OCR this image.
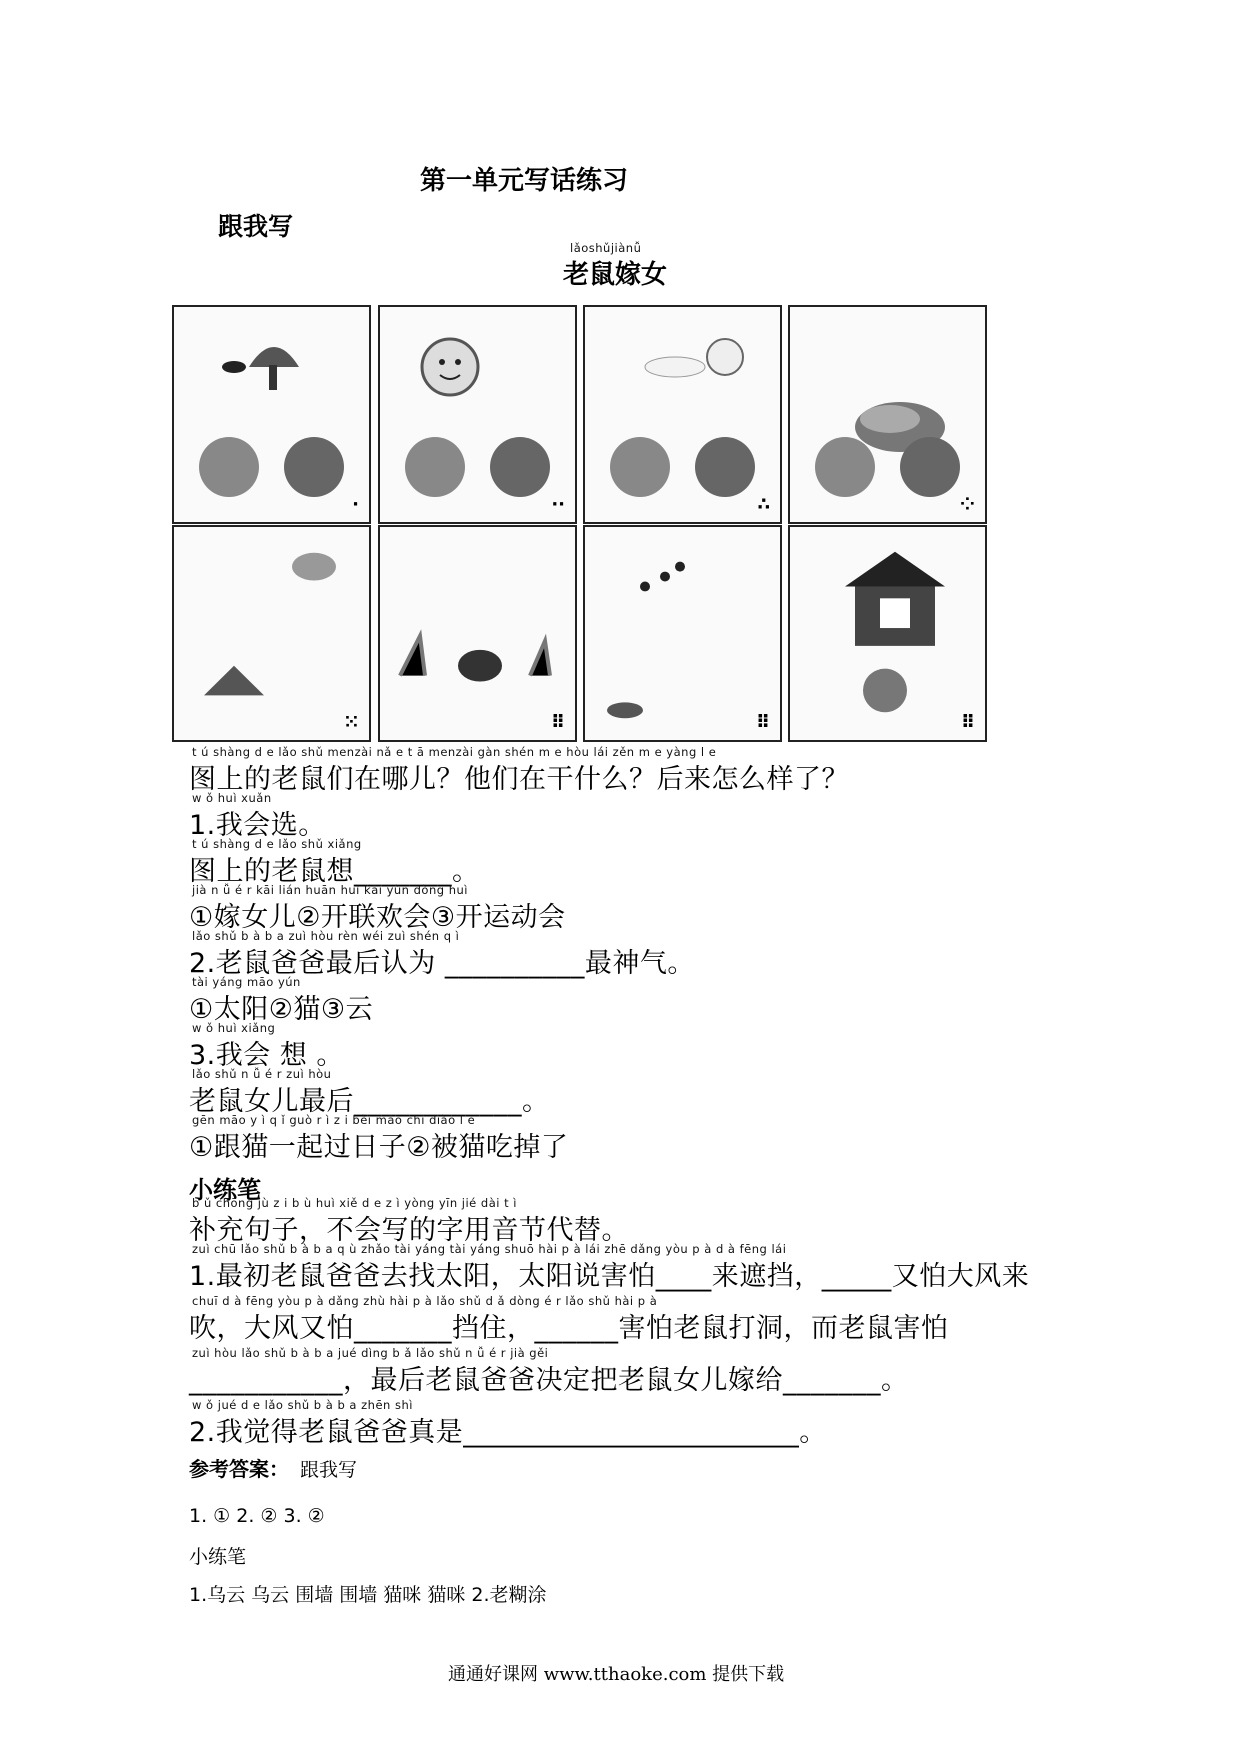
第一单元写话练习
跟我写
lǎoshǔjiànǚ
老鼠嫁女
·	··	∴	⁘
⁙	⠿	⠿	⠿
t ú shàng d e lǎo shǔ menzài nǎ e t ā menzài gàn shén m e hòu lái zěn m e yàng l e
图上的老鼠们在哪儿？他们在干什么？后来怎么样了？
w ǒ huì xuǎn
1.我会选。
t ú shàng d e lǎo shǔ xiǎng
图上的老鼠想_______。
jià n ǚ é r kāi lián huān huì kāi yùn dòng huì
①嫁女儿②开联欢会③开运动会
lǎo shǔ b à b a zuì hòu rèn wéi zuì shén q ì
2.老鼠爸爸最后认为 __________最神气。
tài yáng māo yún
①太阳②猫③云
w ǒ huì xiǎng
3.我会 想 。
lǎo shǔ n ǚ é r zuì hòu
老鼠女儿最后____________。
gēn māo y ì q ǐ guò r ì z i bèi māo chī diào l e
①跟猫一起过日子②被猫吃掉了
小练笔
b ǔ chōng jù z i b ù huì xiě d e z ì yòng yīn jié dài t ì
补充句子，不会写的字用音节代替。
zuì chū lǎo shǔ b à b a q ù zhǎo tài yáng tài yáng shuō hài p à lái zhē dǎng yòu p à d à fēng lái
1.最初老鼠爸爸去找太阳，太阳说害怕____来遮挡，_____又怕大风来
chuī d à fēng yòu p à dǎng zhù hài p à lǎo shǔ d ǎ dòng é r lǎo shǔ hài p à
吹，大风又怕_______挡住，______害怕老鼠打洞，而老鼠害怕
zuì hòu lǎo shǔ b à b a jué dìng b ǎ lǎo shǔ n ǚ é r jià gěi
___________，最后老鼠爸爸决定把老鼠女儿嫁给_______。
w ǒ jué d e lǎo shǔ b à b a zhēn shì
2.我觉得老鼠爸爸真是________________________。
参考答案： 跟我写
1. ① 2. ② 3. ②
小练笔
1.乌云 乌云 围墙 围墙 猫咪 猫咪 2.老糊涂
通通好课网 www.tthaoke.com 提供下载
